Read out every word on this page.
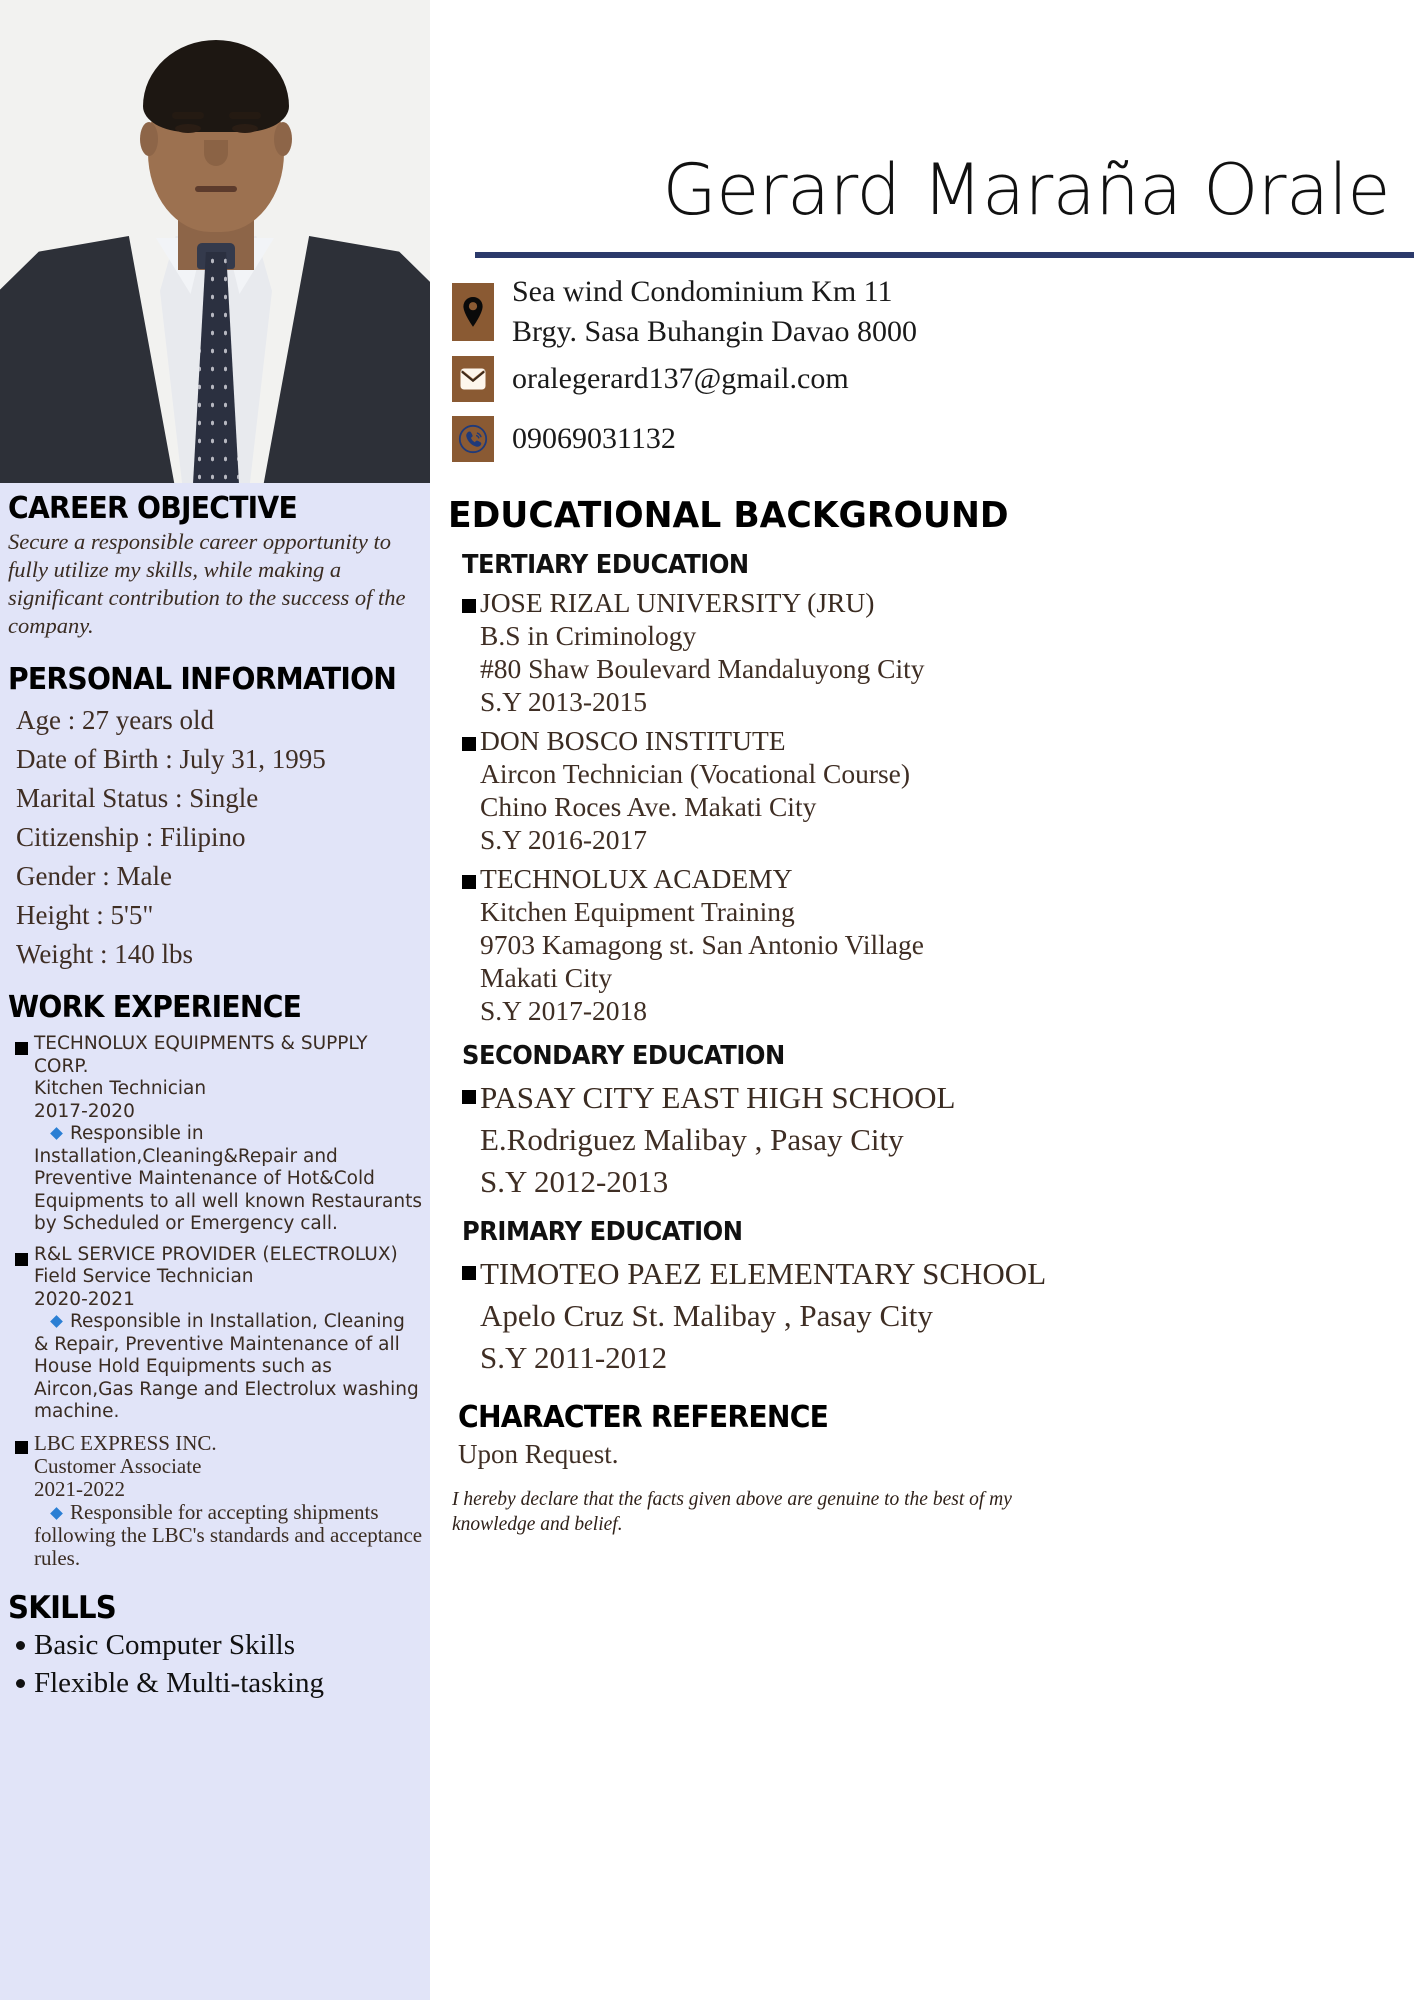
CAREER OBJECTIVE
Secure a responsible career opportunity to fully utilize my skills, while making a significant contribution to the success of the company.
PERSONAL INFORMATION
Age : 27 years old
Date of Birth : July 31, 1995
Marital Status : Single
Citizenship : Filipino
Gender : Male
Height : 5'5"
Weight : 140 lbs
WORK EXPERIENCE
TECHNOLUX EQUIPMENTS & SUPPLY CORP.
Kitchen Technician
2017-2020
Responsible in Installation,Cleaning&Repair and Preventive Maintenance of Hot&Cold Equipments to all well known Restaurants by Scheduled or Emergency call.
R&L SERVICE PROVIDER (ELECTROLUX)
Field Service Technician
2020-2021
Responsible in Installation, Cleaning & Repair, Preventive Maintenance of all House Hold Equipments such as Aircon,Gas Range and Electrolux washing machine.
LBC EXPRESS INC.
Customer Associate
2021-2022
Responsible for accepting shipments following the LBC's standards and acceptance rules.
SKILLS
Basic Computer Skills
Flexible & Multi-tasking
Gerard Maraña Orale
Sea wind Condominium Km 11
Brgy. Sasa Buhangin Davao 8000
oralegerard137@gmail.com
09069031132
EDUCATIONAL BACKGROUND
TERTIARY EDUCATION
JOSE RIZAL UNIVERSITY (JRU)
B.S in Criminology
#80 Shaw Boulevard Mandaluyong City
S.Y 2013-2015
DON BOSCO INSTITUTE
Aircon Technician (Vocational Course)
Chino Roces Ave. Makati City
S.Y 2016-2017
TECHNOLUX ACADEMY
Kitchen Equipment Training
9703 Kamagong st. San Antonio Village
Makati City
S.Y 2017-2018
SECONDARY EDUCATION
PASAY CITY EAST HIGH SCHOOL
E.Rodriguez Malibay , Pasay City
S.Y 2012-2013
PRIMARY EDUCATION
TIMOTEO PAEZ ELEMENTARY SCHOOL
Apelo Cruz St. Malibay , Pasay City
S.Y 2011-2012
CHARACTER REFERENCE
Upon Request.
I hereby declare that the facts given above are genuine to the best of my knowledge and belief.
